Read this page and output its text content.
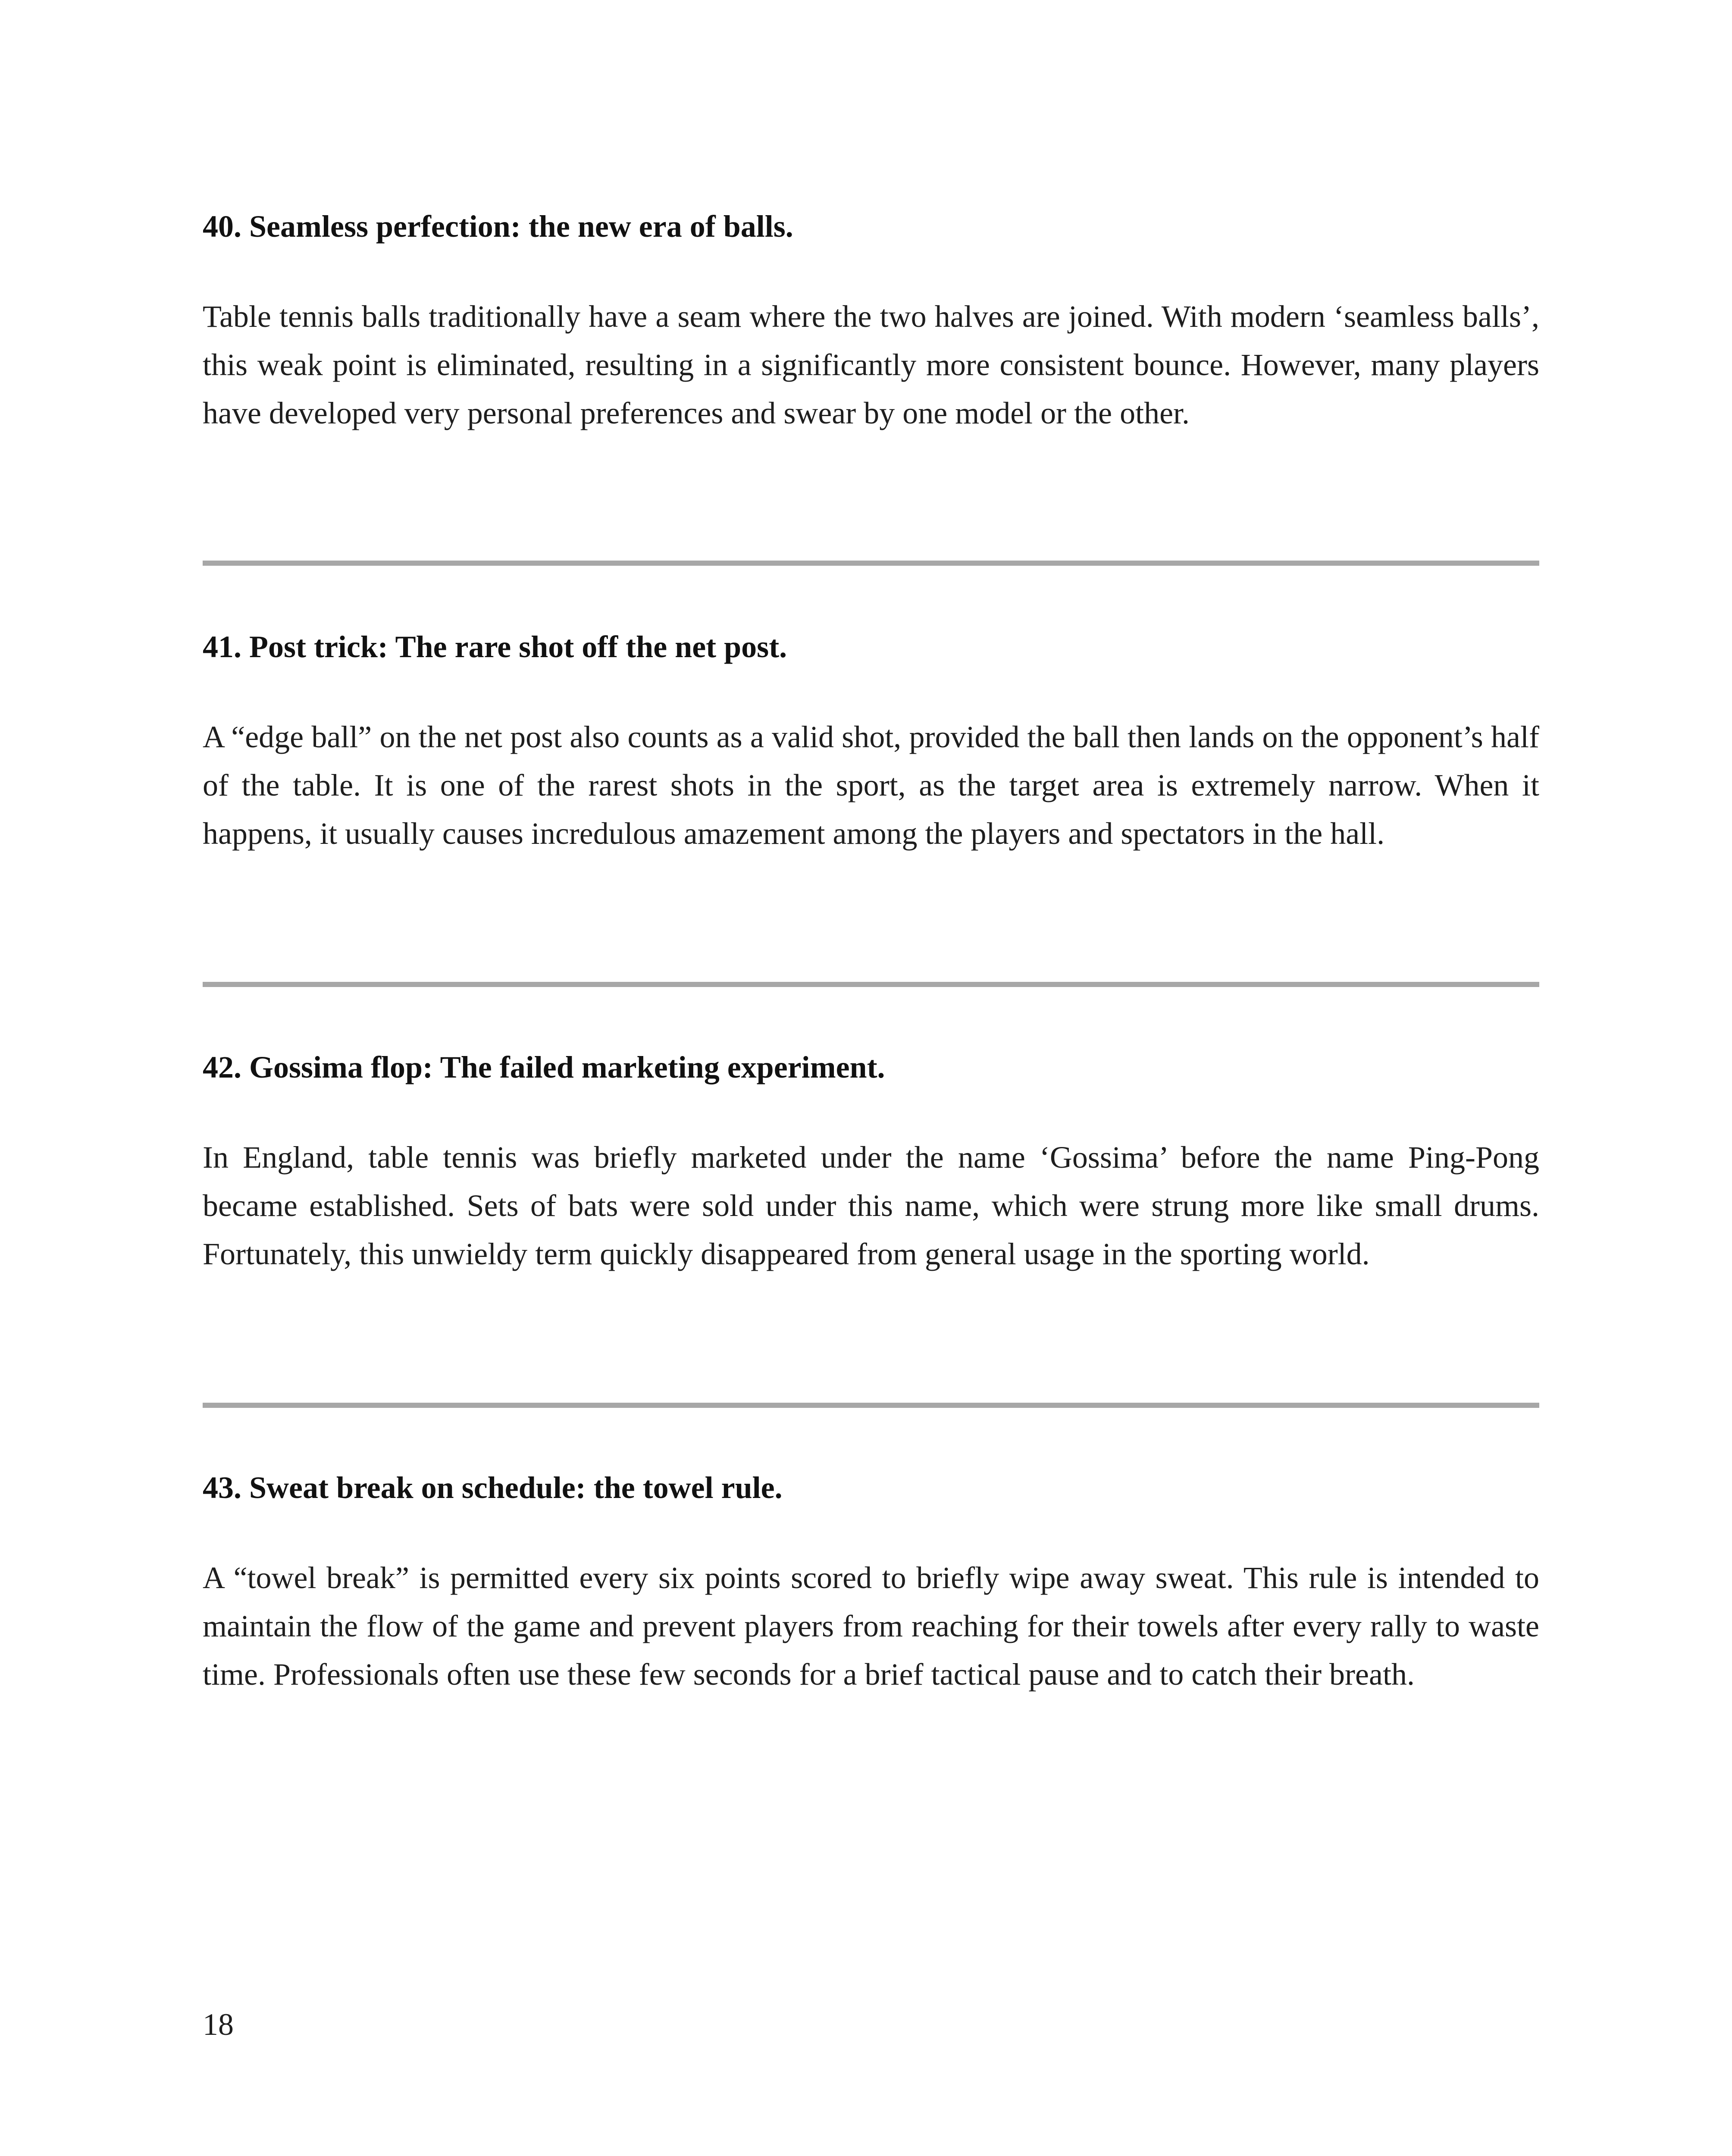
40. Seamless perfection: the new era of balls.

Table tennis balls traditionally have a seam where the two halves are joined. With modern ‘seamless balls’, this weak point is eliminated, resulting in a significantly more consistent bounce. However, many players have developed very personal preferences and swear by one model or the other.

41. Post trick: The rare shot off the net post.

A “edge ball” on the net post also counts as a valid shot, provided the ball then lands on the opponent’s half of the table. It is one of the rarest shots in the sport, as the target area is extremely narrow. When it happens, it usually causes incredulous amazement among the players and spectators in the hall.

42. Gossima flop: The failed marketing experiment.

In England, table tennis was briefly marketed under the name ‘Gossima’ before the name Ping-Pong became established. Sets of bats were sold under this name, which were strung more like small drums. Fortunately, this unwieldy term quickly disappeared from general usage in the sporting world.

43. Sweat break on schedule: the towel rule.

A “towel break” is permitted every six points scored to briefly wipe away sweat. This rule is intended to maintain the flow of the game and prevent players from reaching for their towels after every rally to waste time. Professionals often use these few seconds for a brief tactical pause and to catch their breath.

18
